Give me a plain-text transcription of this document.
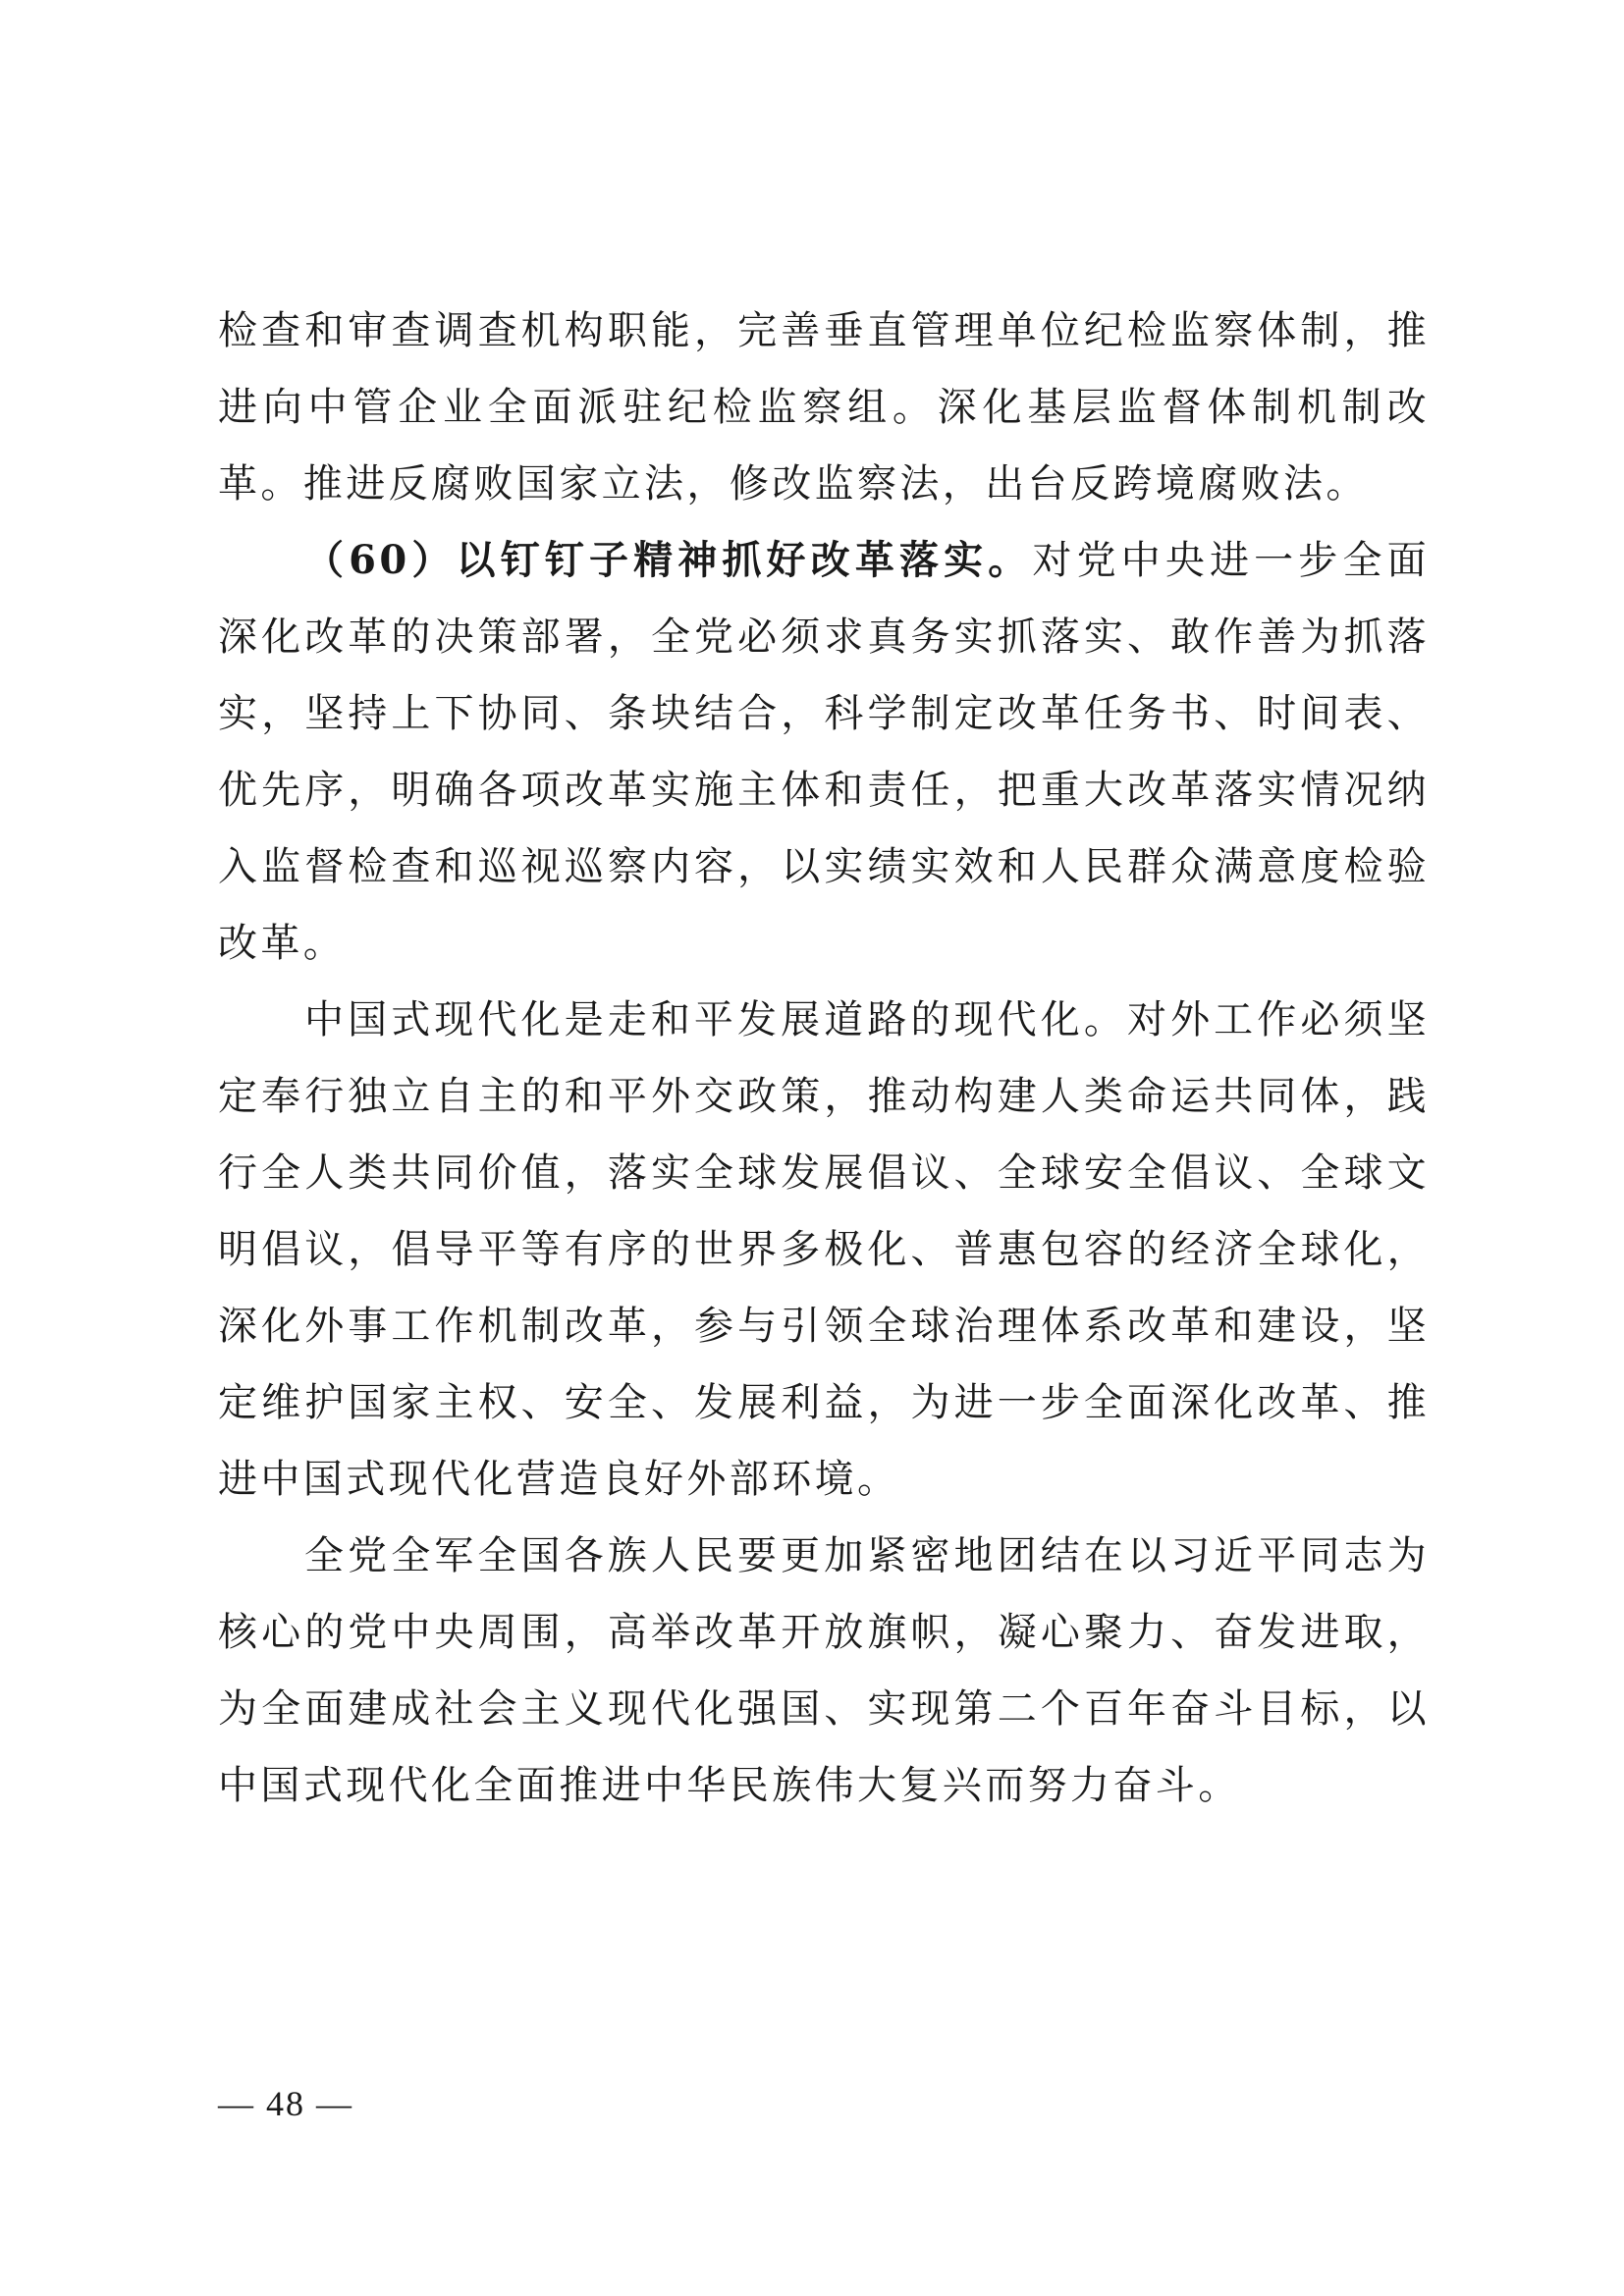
检查和审查调查机构职能，完善垂直管理单位纪检监察体制，推进向中管企业全面派驻纪检监察组。深化基层监督体制机制改革。推进反腐败国家立法，修改监察法，出台反跨境腐败法。

（60）以钉钉子精神抓好改革落实。对党中央进一步全面深化改革的决策部署，全党必须求真务实抓落实、敢作善为抓落实，坚持上下协同、条块结合，科学制定改革任务书、时间表、优先序，明确各项改革实施主体和责任，把重大改革落实情况纳入监督检查和巡视巡察内容，以实绩实效和人民群众满意度检验改革。

中国式现代化是走和平发展道路的现代化。对外工作必须坚定奉行独立自主的和平外交政策，推动构建人类命运共同体，践行全人类共同价值，落实全球发展倡议、全球安全倡议、全球文明倡议，倡导平等有序的世界多极化、普惠包容的经济全球化，深化外事工作机制改革，参与引领全球治理体系改革和建设，坚定维护国家主权、安全、发展利益，为进一步全面深化改革、推进中国式现代化营造良好外部环境。

全党全军全国各族人民要更加紧密地团结在以习近平同志为核心的党中央周围，高举改革开放旗帜，凝心聚力、奋发进取，为全面建成社会主义现代化强国、实现第二个百年奋斗目标，以中国式现代化全面推进中华民族伟大复兴而努力奋斗。

— 48 —
